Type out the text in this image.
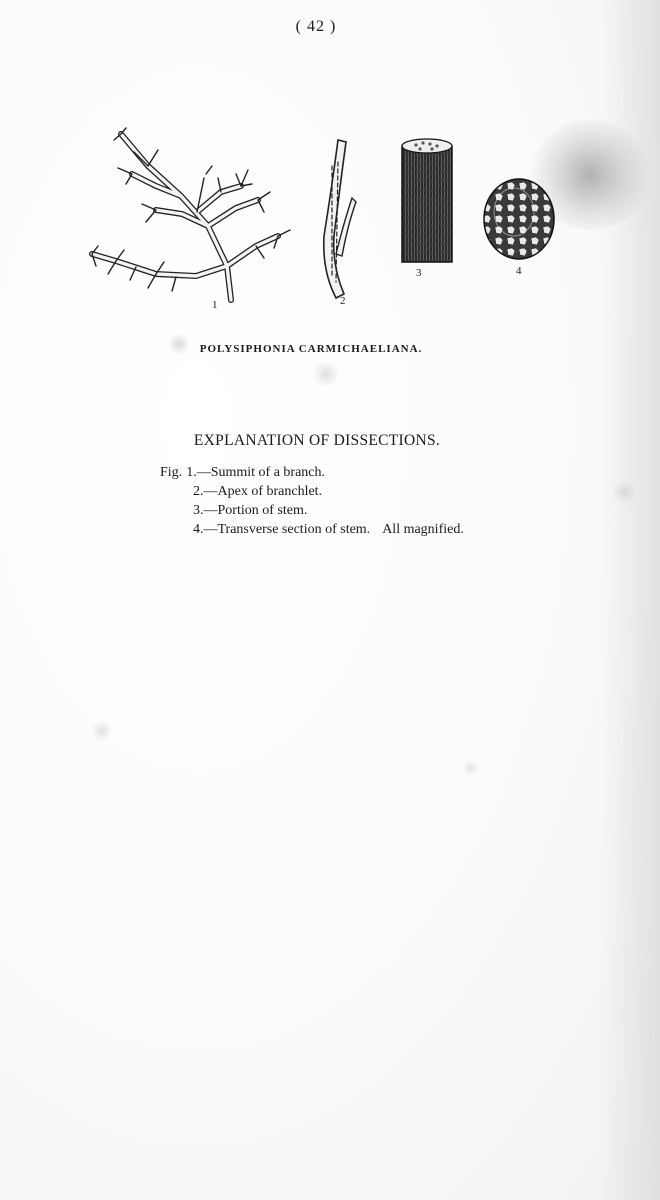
( 42 )
1	2
3	4
POLYSIPHONIA CARMICHAELIANA.
EXPLANATION OF DISSECTIONS.
Fig. 1.—Summit of a branch.
2.—Apex of branchlet.
3.—Portion of stem.
4.—Transverse section of stem. All magnified.
